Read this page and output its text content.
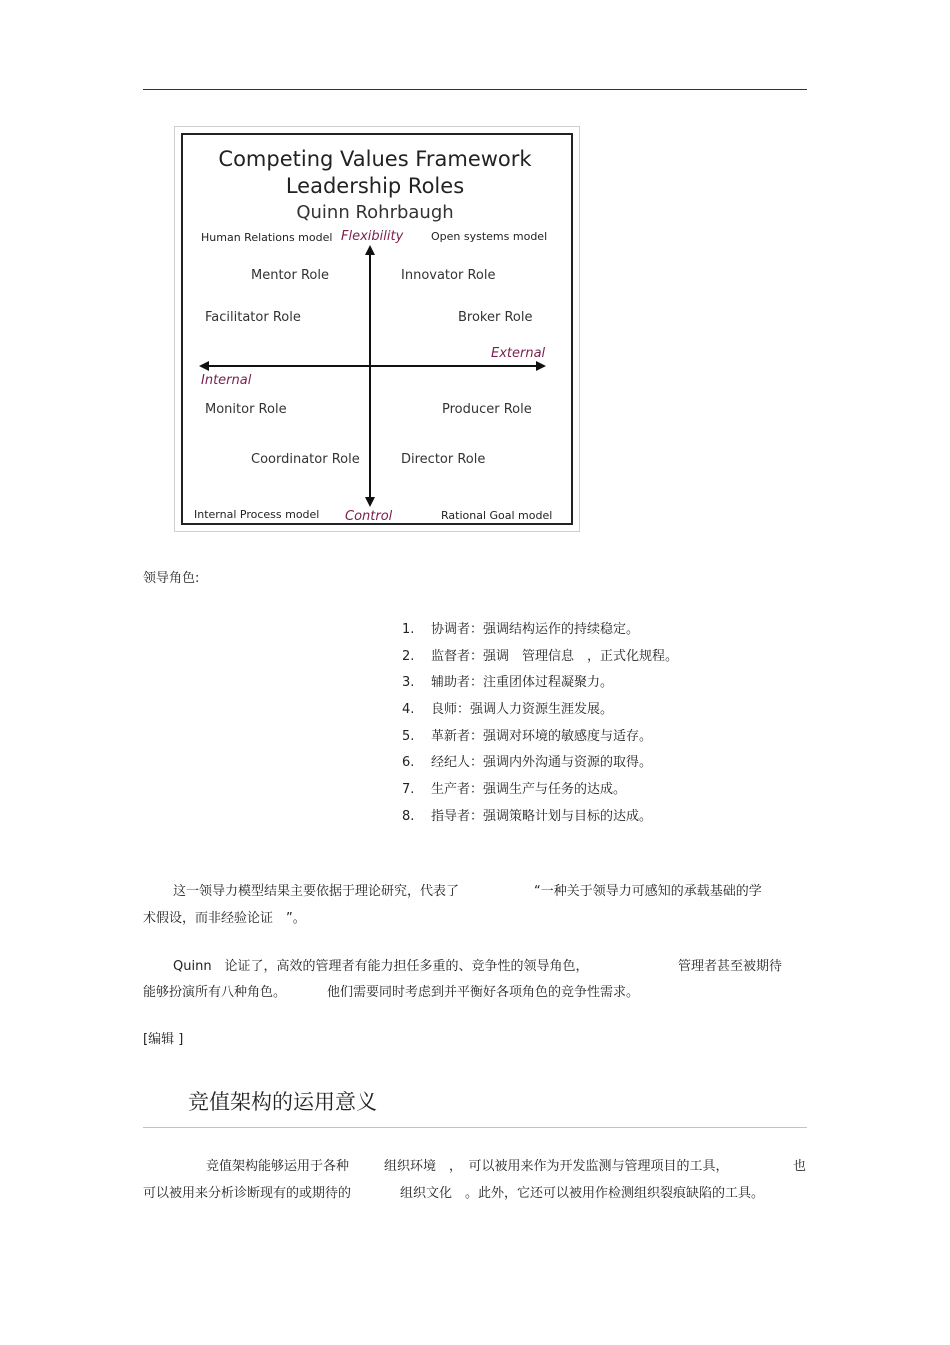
Competing Values Framework
Leadership Roles
Quinn Rohrbaugh
Human Relations model	Open systems model
Internal Process model	Rational Goal model
Flexibility
Control
Internal
External
Mentor Role	Innovator Role
Facilitator Role	Broker Role
Monitor Role	Producer Role
Coordinator Role	Director Role
领导角色:
1. 协调者：强调结构运作的持续稳定。
2. 监督者：强调　管理信息　，正式化规程。
3. 辅助者：注重团体过程凝聚力。
4. 良师：强调人力资源生涯发展。
5. 革新者：强调对环境的敏感度与适存。
6. 经纪人：强调内外沟通与资源的取得。
7. 生产者：强调生产与任务的达成。
8. 指导者：强调策略计划与目标的达成。
这一领导力模型结果主要依据于理论研究，代表了	“一种关于领导力可感知的承载基础的学
术假设，而非经验论证　”。
Quinn　论证了，高效的管理者有能力担任多重的、竞争性的领导角色，	管理者甚至被期待
能够扮演所有八种角色。	他们需要同时考虑到并平衡好各项角色的竞争性需求。
[编辑 ]
竞值架构的运用意义
竞值架构能够运用于各种	组织环境　，　可以被用来作为开发监测与管理项目的工具，	也
可以被用来分析诊断现有的或期待的	组织文化　。此外，它还可以被用作检测组织裂痕缺陷的工具。
